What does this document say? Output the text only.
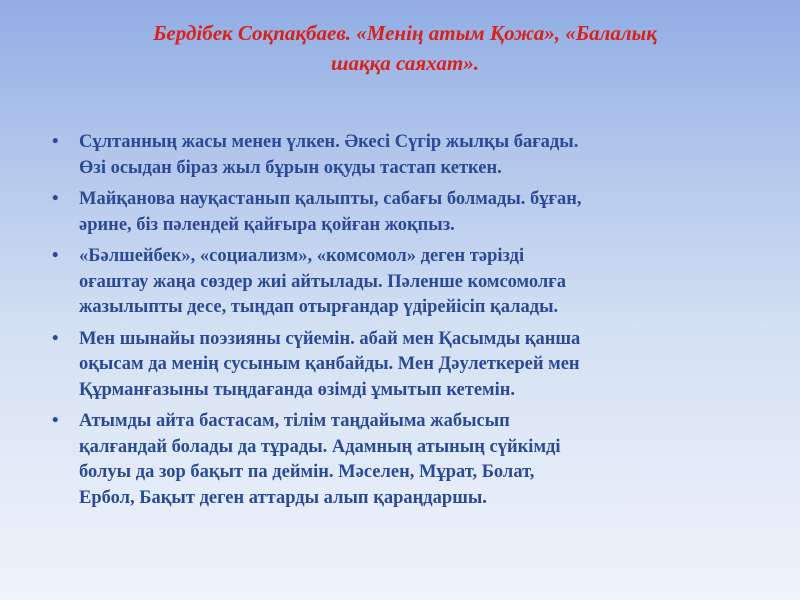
Бердібек Соқпақбаев. «Менің атым Қожа», «Балалық
шаққа саяхат».
• Сұлтанның жасы менен үлкен. Әкесі Сүгір жылқы бағады.
Өзі осыдан біраз жыл бұрын оқуды тастап кеткен.
• Майқанова науқастанып қалыпты, сабағы болмады. бұған,
әрине, біз пәлендей қайғыра қойған жоқпыз.
• «Бәлшейбек», «социализм», «комсомол» деген тәрізді
оғаштау жаңа сөздер жиі айтылады. Пәленше комсомолға
жазылыпты десе, тыңдап отырғандар үдірейісіп қалады.
• Мен шынайы поэзияны сүйемін. абай мен Қасымды қанша
оқысам да менің сусыным қанбайды. Мен Дәулеткерей мен
Құрманғазыны тыңдағанда өзімді ұмытып кетемін.
• Атымды айта бастасам, тілім таңдайыма жабысып
қалғандай болады да тұрады. Адамның атының сүйкімді
болуы да зор бақыт па деймін. Мәселен, Мұрат, Болат,
Ербол, Бақыт деген аттарды алып қараңдаршы.
